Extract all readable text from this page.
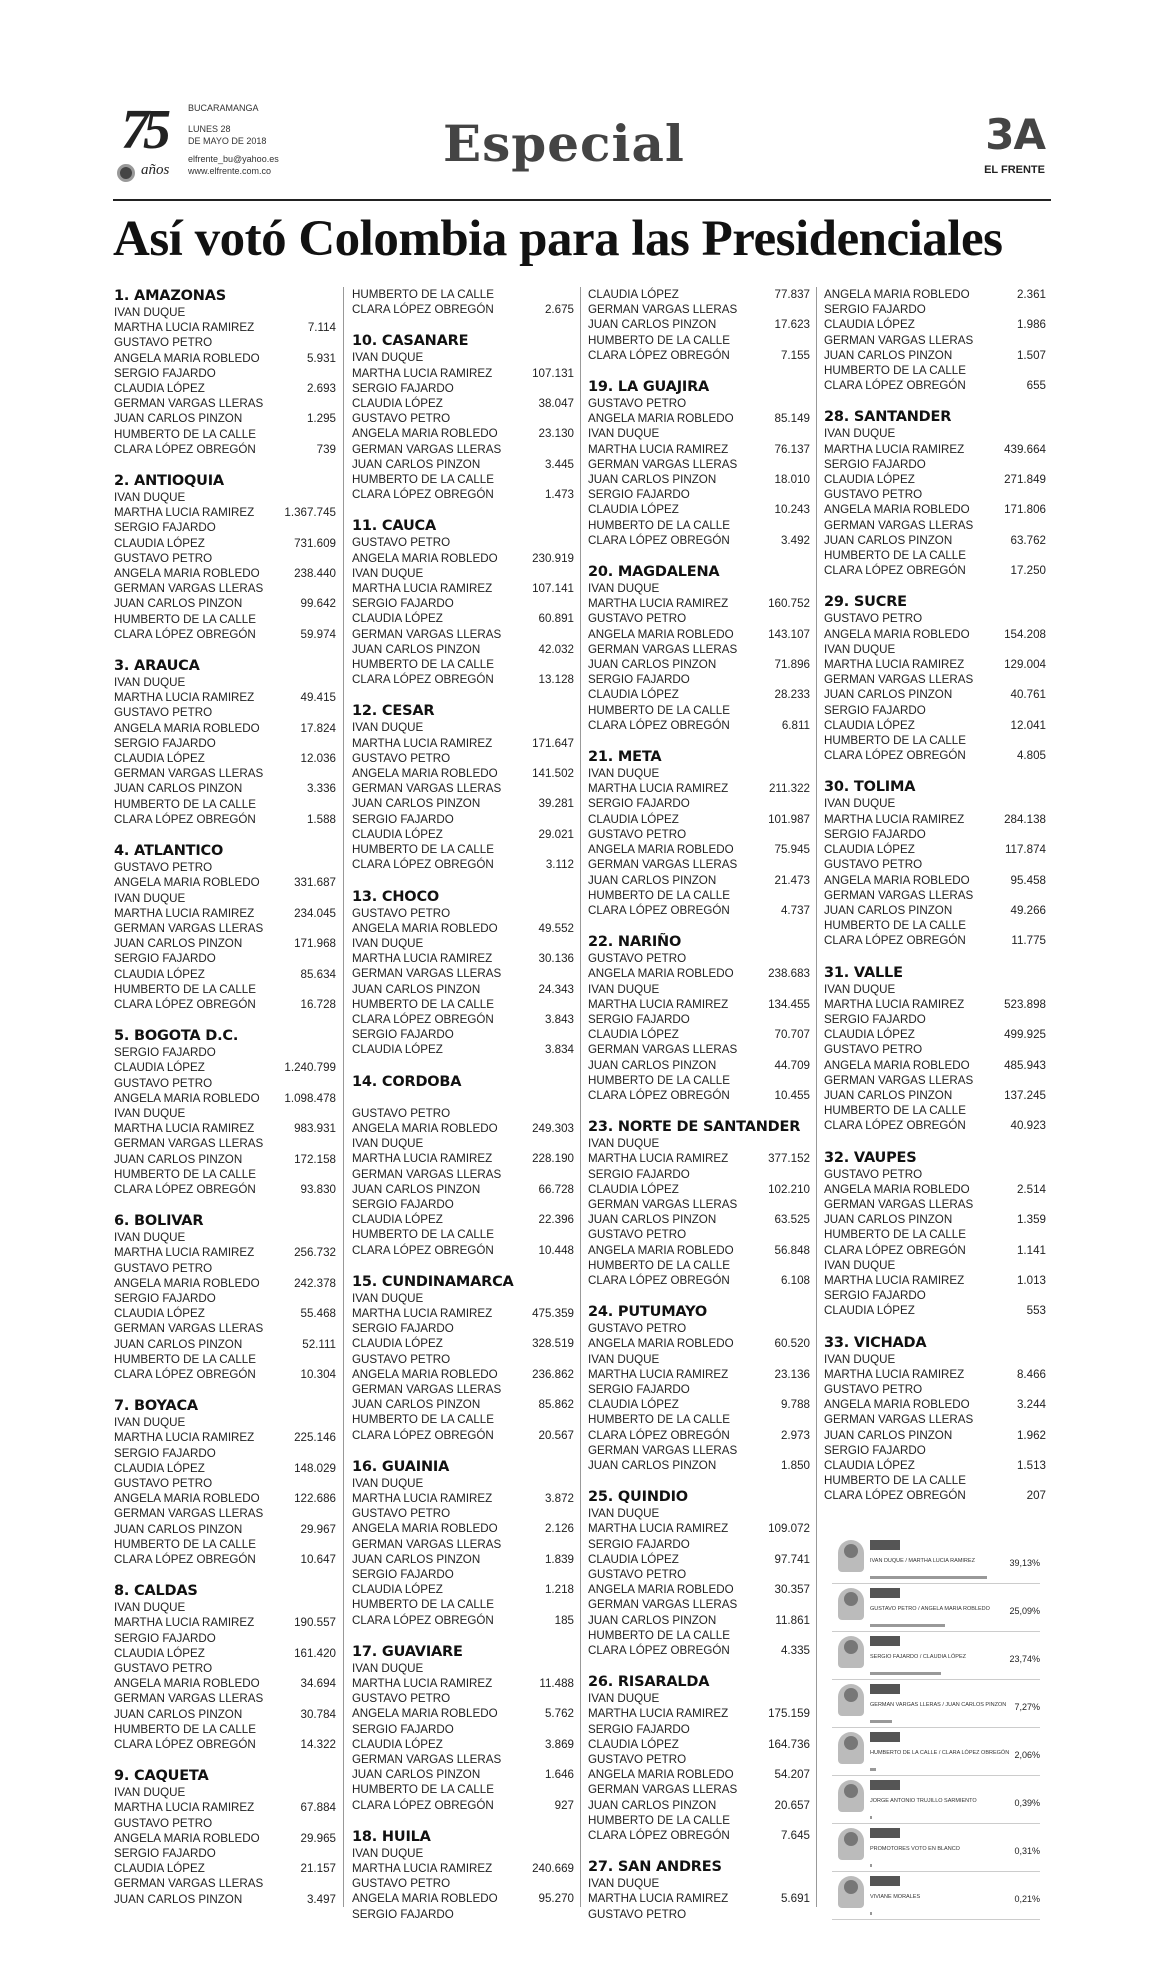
75
años
BUCARAMANGA
LUNES 28
DE MAYO DE 2018
elfrente_bu@yahoo.es
www.elfrente.com.co	Especial	3A
EL FRENTE
Así votó Colombia para las Presidenciales
1. AMAZONAS
IVAN DUQUE
MARTHA LUCIA RAMIREZ	7.114
GUSTAVO PETRO
ANGELA MARIA ROBLEDO	5.931
SERGIO FAJARDO
CLAUDIA LÓPEZ	2.693
GERMAN VARGAS LLERAS
JUAN CARLOS PINZON	1.295
HUMBERTO DE LA CALLE
CLARA LÓPEZ OBREGÓN	739
2. ANTIOQUIA
IVAN DUQUE
MARTHA LUCIA RAMIREZ	1.367.745
SERGIO FAJARDO
CLAUDIA LÓPEZ	731.609
GUSTAVO PETRO
ANGELA MARIA ROBLEDO	238.440
GERMAN VARGAS LLERAS
JUAN CARLOS PINZON	99.642
HUMBERTO DE LA CALLE
CLARA LÓPEZ OBREGÓN	59.974
3. ARAUCA
IVAN DUQUE
MARTHA LUCIA RAMIREZ	49.415
GUSTAVO PETRO
ANGELA MARIA ROBLEDO	17.824
SERGIO FAJARDO
CLAUDIA LÓPEZ	12.036
GERMAN VARGAS LLERAS
JUAN CARLOS PINZON	3.336
HUMBERTO DE LA CALLE
CLARA LÓPEZ OBREGÓN	1.588
4. ATLANTICO
GUSTAVO PETRO
ANGELA MARIA ROBLEDO	331.687
IVAN DUQUE
MARTHA LUCIA RAMIREZ	234.045
GERMAN VARGAS LLERAS
JUAN CARLOS PINZON	171.968
SERGIO FAJARDO
CLAUDIA LÓPEZ	85.634
HUMBERTO DE LA CALLE
CLARA LÓPEZ OBREGÓN	16.728
5. BOGOTA D.C.
SERGIO FAJARDO
CLAUDIA LÓPEZ	1.240.799
GUSTAVO PETRO
ANGELA MARIA ROBLEDO 1.098.478
IVAN DUQUE
MARTHA LUCIA RAMIREZ	983.931
GERMAN VARGAS LLERAS
JUAN CARLOS PINZON	172.158
HUMBERTO DE LA CALLE
CLARA LÓPEZ OBREGÓN	93.830
6. BOLIVAR
IVAN DUQUE
MARTHA LUCIA RAMIREZ	256.732
GUSTAVO PETRO
ANGELA MARIA ROBLEDO	242.378
SERGIO FAJARDO
CLAUDIA LÓPEZ	55.468
GERMAN VARGAS LLERAS
JUAN CARLOS PINZON	52.111
HUMBERTO DE LA CALLE
CLARA LÓPEZ OBREGÓN	10.304
7. BOYACA
IVAN DUQUE
MARTHA LUCIA RAMIREZ	225.146
SERGIO FAJARDO
CLAUDIA LÓPEZ	148.029
GUSTAVO PETRO
ANGELA MARIA ROBLEDO	122.686
GERMAN VARGAS LLERAS
JUAN CARLOS PINZON	29.967
HUMBERTO DE LA CALLE
CLARA LÓPEZ OBREGÓN	10.647
8. CALDAS
IVAN DUQUE
MARTHA LUCIA RAMIREZ	190.557
SERGIO FAJARDO
CLAUDIA LÓPEZ	161.420
GUSTAVO PETRO
ANGELA MARIA ROBLEDO	34.694
GERMAN VARGAS LLERAS
JUAN CARLOS PINZON	30.784
HUMBERTO DE LA CALLE
CLARA LÓPEZ OBREGÓN	14.322
9. CAQUETA
IVAN DUQUE
MARTHA LUCIA RAMIREZ	67.884
GUSTAVO PETRO
ANGELA MARIA ROBLEDO	29.965
SERGIO FAJARDO
CLAUDIA LÓPEZ	21.157
GERMAN VARGAS LLERAS
JUAN CARLOS PINZON	3.497
HUMBERTO DE LA CALLE
CLARA LÓPEZ OBREGÓN	2.675
10. CASANARE
IVAN DUQUE
MARTHA LUCIA RAMIREZ	107.131
SERGIO FAJARDO
CLAUDIA LÓPEZ	38.047
GUSTAVO PETRO
ANGELA MARIA ROBLEDO	23.130
GERMAN VARGAS LLERAS
JUAN CARLOS PINZON	3.445
HUMBERTO DE LA CALLE
CLARA LÓPEZ OBREGÓN	1.473
11. CAUCA
GUSTAVO PETRO
ANGELA MARIA ROBLEDO	230.919
IVAN DUQUE
MARTHA LUCIA RAMIREZ	107.141
SERGIO FAJARDO
CLAUDIA LÓPEZ	60.891
GERMAN VARGAS LLERAS
JUAN CARLOS PINZON	42.032
HUMBERTO DE LA CALLE
CLARA LÓPEZ OBREGÓN	13.128
12. CESAR
IVAN DUQUE
MARTHA LUCIA RAMIREZ	171.647
GUSTAVO PETRO
ANGELA MARIA ROBLEDO	141.502
GERMAN VARGAS LLERAS
JUAN CARLOS PINZON	39.281
SERGIO FAJARDO
CLAUDIA LÓPEZ	29.021
HUMBERTO DE LA CALLE
CLARA LÓPEZ OBREGÓN	3.112
13. CHOCO
GUSTAVO PETRO
ANGELA MARIA ROBLEDO	49.552
IVAN DUQUE
MARTHA LUCIA RAMIREZ	30.136
GERMAN VARGAS LLERAS
JUAN CARLOS PINZON	24.343
HUMBERTO DE LA CALLE
CLARA LÓPEZ OBREGÓN	3.843
SERGIO FAJARDO
CLAUDIA LÓPEZ	3.834
14. CORDOBA

GUSTAVO PETRO
ANGELA MARIA ROBLEDO	249.303
IVAN DUQUE
MARTHA LUCIA RAMIREZ	228.190
GERMAN VARGAS LLERAS
JUAN CARLOS PINZON	66.728
SERGIO FAJARDO
CLAUDIA LÓPEZ	22.396
HUMBERTO DE LA CALLE
CLARA LÓPEZ OBREGÓN	10.448
15. CUNDINAMARCA
IVAN DUQUE
MARTHA LUCIA RAMIREZ	475.359
SERGIO FAJARDO
CLAUDIA LÓPEZ	328.519
GUSTAVO PETRO
ANGELA MARIA ROBLEDO	236.862
GERMAN VARGAS LLERAS
JUAN CARLOS PINZON	85.862
HUMBERTO DE LA CALLE
CLARA LÓPEZ OBREGÓN	20.567
16. GUAINIA
IVAN DUQUE
MARTHA LUCIA RAMIREZ	3.872
GUSTAVO PETRO
ANGELA MARIA ROBLEDO	2.126
GERMAN VARGAS LLERAS
JUAN CARLOS PINZON	1.839
SERGIO FAJARDO
CLAUDIA LÓPEZ	1.218
HUMBERTO DE LA CALLE
CLARA LÓPEZ OBREGÓN	185
17. GUAVIARE
IVAN DUQUE
MARTHA LUCIA RAMIREZ	11.488
GUSTAVO PETRO
ANGELA MARIA ROBLEDO	5.762
SERGIO FAJARDO
CLAUDIA LÓPEZ	3.869
GERMAN VARGAS LLERAS
JUAN CARLOS PINZON	1.646
HUMBERTO DE LA CALLE
CLARA LÓPEZ OBREGÓN	927
18. HUILA
IVAN DUQUE
MARTHA LUCIA RAMIREZ	240.669
GUSTAVO PETRO
ANGELA MARIA ROBLEDO	95.270
SERGIO FAJARDO
CLAUDIA LÓPEZ	77.837
GERMAN VARGAS LLERAS
JUAN CARLOS PINZON	17.623
HUMBERTO DE LA CALLE
CLARA LÓPEZ OBREGÓN	7.155
19. LA GUAJIRA
GUSTAVO PETRO
ANGELA MARIA ROBLEDO	85.149
IVAN DUQUE
MARTHA LUCIA RAMIREZ	76.137
GERMAN VARGAS LLERAS
JUAN CARLOS PINZON	18.010
SERGIO FAJARDO
CLAUDIA LÓPEZ	10.243
HUMBERTO DE LA CALLE
CLARA LÓPEZ OBREGÓN	3.492
20. MAGDALENA
IVAN DUQUE
MARTHA LUCIA RAMIREZ	160.752
GUSTAVO PETRO
ANGELA MARIA ROBLEDO	143.107
GERMAN VARGAS LLERAS
JUAN CARLOS PINZON	71.896
SERGIO FAJARDO
CLAUDIA LÓPEZ	28.233
HUMBERTO DE LA CALLE
CLARA LÓPEZ OBREGÓN	6.811
21. META
IVAN DUQUE
MARTHA LUCIA RAMIREZ	211.322
SERGIO FAJARDO
CLAUDIA LÓPEZ	101.987
GUSTAVO PETRO
ANGELA MARIA ROBLEDO	75.945
GERMAN VARGAS LLERAS
JUAN CARLOS PINZON	21.473
HUMBERTO DE LA CALLE
CLARA LÓPEZ OBREGÓN	4.737
22. NARIÑO
GUSTAVO PETRO
ANGELA MARIA ROBLEDO	238.683
IVAN DUQUE
MARTHA LUCIA RAMIREZ	134.455
SERGIO FAJARDO
CLAUDIA LÓPEZ	70.707
GERMAN VARGAS LLERAS
JUAN CARLOS PINZON	44.709
HUMBERTO DE LA CALLE
CLARA LÓPEZ OBREGÓN	10.455
23. NORTE DE SANTANDER
IVAN DUQUE
MARTHA LUCIA RAMIREZ	377.152
SERGIO FAJARDO
CLAUDIA LÓPEZ	102.210
GERMAN VARGAS LLERAS
JUAN CARLOS PINZON	63.525
GUSTAVO PETRO
ANGELA MARIA ROBLEDO	56.848
HUMBERTO DE LA CALLE
CLARA LÓPEZ OBREGÓN	6.108
24. PUTUMAYO
GUSTAVO PETRO
ANGELA MARIA ROBLEDO	60.520
IVAN DUQUE
MARTHA LUCIA RAMIREZ	23.136
SERGIO FAJARDO
CLAUDIA LÓPEZ	9.788
HUMBERTO DE LA CALLE
CLARA LÓPEZ OBREGÓN	2.973
GERMAN VARGAS LLERAS
JUAN CARLOS PINZON	1.850
25. QUINDIO
IVAN DUQUE
MARTHA LUCIA RAMIREZ	109.072
SERGIO FAJARDO
CLAUDIA LÓPEZ	97.741
GUSTAVO PETRO
ANGELA MARIA ROBLEDO	30.357
GERMAN VARGAS LLERAS
JUAN CARLOS PINZON	11.861
HUMBERTO DE LA CALLE
CLARA LÓPEZ OBREGÓN	4.335
26. RISARALDA
IVAN DUQUE
MARTHA LUCIA RAMIREZ	175.159
SERGIO FAJARDO
CLAUDIA LÓPEZ	164.736
GUSTAVO PETRO
ANGELA MARIA ROBLEDO	54.207
GERMAN VARGAS LLERAS
JUAN CARLOS PINZON	20.657
HUMBERTO DE LA CALLE
CLARA LÓPEZ OBREGÓN	7.645
27. SAN ANDRES
IVAN DUQUE
MARTHA LUCIA RAMIREZ	5.691
GUSTAVO PETRO
ANGELA MARIA ROBLEDO	2.361
SERGIO FAJARDO
CLAUDIA LÓPEZ	1.986
GERMAN VARGAS LLERAS
JUAN CARLOS PINZON	1.507
HUMBERTO DE LA CALLE
CLARA LÓPEZ OBREGÓN	655
28. SANTANDER
IVAN DUQUE
MARTHA LUCIA RAMIREZ	439.664
SERGIO FAJARDO
CLAUDIA LÓPEZ	271.849
GUSTAVO PETRO
ANGELA MARIA ROBLEDO	171.806
GERMAN VARGAS LLERAS
JUAN CARLOS PINZON	63.762
HUMBERTO DE LA CALLE
CLARA LÓPEZ OBREGÓN	17.250
29. SUCRE
GUSTAVO PETRO
ANGELA MARIA ROBLEDO	154.208
IVAN DUQUE
MARTHA LUCIA RAMIREZ	129.004
GERMAN VARGAS LLERAS
JUAN CARLOS PINZON	40.761
SERGIO FAJARDO
CLAUDIA LÓPEZ	12.041
HUMBERTO DE LA CALLE
CLARA LÓPEZ OBREGÓN	4.805
30. TOLIMA
IVAN DUQUE
MARTHA LUCIA RAMIREZ	284.138
SERGIO FAJARDO
CLAUDIA LÓPEZ	117.874
GUSTAVO PETRO
ANGELA MARIA ROBLEDO	95.458
GERMAN VARGAS LLERAS
JUAN CARLOS PINZON	49.266
HUMBERTO DE LA CALLE
CLARA LÓPEZ OBREGÓN	11.775
31. VALLE
IVAN DUQUE
MARTHA LUCIA RAMIREZ	523.898
SERGIO FAJARDO
CLAUDIA LÓPEZ	499.925
GUSTAVO PETRO
ANGELA MARIA ROBLEDO	485.943
GERMAN VARGAS LLERAS
JUAN CARLOS PINZON	137.245
HUMBERTO DE LA CALLE
CLARA LÓPEZ OBREGÓN	40.923
32. VAUPES
GUSTAVO PETRO
ANGELA MARIA ROBLEDO	2.514
GERMAN VARGAS LLERAS
JUAN CARLOS PINZON	1.359
HUMBERTO DE LA CALLE
CLARA LÓPEZ OBREGÓN	1.141
IVAN DUQUE
MARTHA LUCIA RAMIREZ	1.013
SERGIO FAJARDO
CLAUDIA LÓPEZ	553
33. VICHADA
IVAN DUQUE
MARTHA LUCIA RAMIREZ	8.466
GUSTAVO PETRO
ANGELA MARIA ROBLEDO	3.244
GERMAN VARGAS LLERAS
JUAN CARLOS PINZON	1.962
SERGIO FAJARDO
CLAUDIA LÓPEZ	1.513
HUMBERTO DE LA CALLE
CLARA LÓPEZ OBREGÓN	207
IVAN DUQUE / MARTHA LUCIA RAMIREZ	39,13%
GUSTAVO PETRO / ANGELA MARIA ROBLEDO 25,09%
SERGIO FAJARDO / CLAUDIA LÓPEZ	23,74%
GERMAN VARGAS LLERAS / JUAN CARLOS PINZON 7,27%
HUMBERTO DE LA CALLE / CLARA LÓPEZ OBREGÓN 2,06%
JORGE ANTONIO TRUJILLO SARMIENTO	0,39%
PROMOTORES VOTO EN BLANCO	0,31%
VIVIANE MORALES	0,21%
